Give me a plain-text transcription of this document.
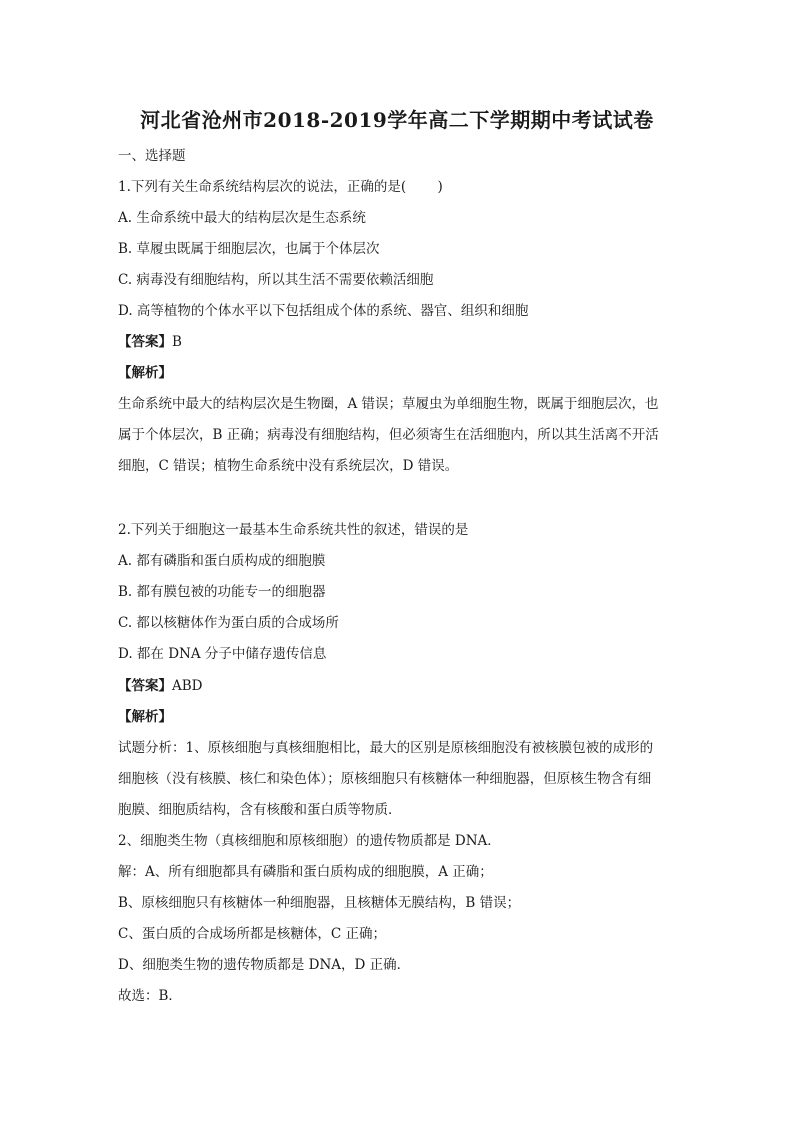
河北省沧州市2018-2019学年高二下学期期中考试试卷
一、选择题
1.下列有关生命系统结构层次的说法，正确的是(　　 )
A. 生命系统中最大的结构层次是生态系统
B. 草履虫既属于细胞层次，也属于个体层次
C. 病毒没有细胞结构，所以其生活不需要依赖活细胞
D. 高等植物的个体水平以下包括组成个体的系统、器官、组织和细胞
【答案】B
【解析】
生命系统中最大的结构层次是生物圈，A 错误；草履虫为单细胞生物，既属于细胞层次，也
属于个体层次，B 正确；病毒没有细胞结构，但必须寄生在活细胞内，所以其生活离不开活
细胞，C 错误；植物生命系统中没有系统层次，D 错误。
2.下列关于细胞这一最基本生命系统共性的叙述，错误的是
A. 都有磷脂和蛋白质构成的细胞膜
B. 都有膜包被的功能专一的细胞器
C. 都以核糖体作为蛋白质的合成场所
D. 都在 DNA 分子中储存遗传信息
【答案】ABD
【解析】
试题分析：1、原核细胞与真核细胞相比，最大的区别是原核细胞没有被核膜包被的成形的
细胞核（没有核膜、核仁和染色体）；原核细胞只有核糖体一种细胞器，但原核生物含有细
胞膜、细胞质结构，含有核酸和蛋白质等物质．
2、细胞类生物（真核细胞和原核细胞）的遗传物质都是 DNA．
解：A、所有细胞都具有磷脂和蛋白质构成的细胞膜，A 正确；
B、原核细胞只有核糖体一种细胞器，且核糖体无膜结构，B 错误；
C、蛋白质的合成场所都是核糖体，C 正确；
D、细胞类生物的遗传物质都是 DNA，D 正确．
故选：B．
